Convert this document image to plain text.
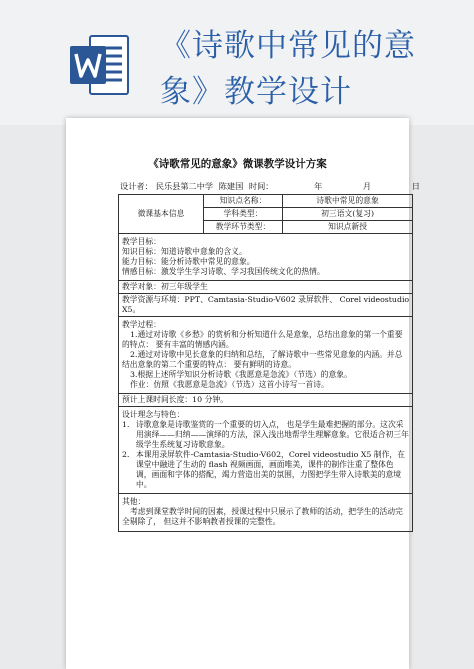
《诗歌中常见的意
象》教学设计
《诗歌常见的意象》微课教学设计方案
设计者： 民乐县第二中学 陈建国 时间：	年	月	日
微课基本信息	知识点名称：	诗歌中常见的意象
	学科类型：	初三语文(复习)
	教学环节类型：	知识点新授

教学目标：
知识目标：知道诗歌中意象的含义。
能力目标：能分析诗歌中常见的意象。
情感目标：激发学生学习诗歌、学习我国传统文化的热情。		

教学对象：初三年级学生		

教学资源与环境：PPT、Camtasia-Studio-V602 录屏软件、 Corel videostudio
X5。		

教学过程：
1.通过对诗歌《乡愁》的赏析和分析知道什么是意象，总结出意象的第一个重要的特点： 要有丰富的情感内涵。
2.通过对诗歌中见长意象的归纳和总结，了解诗歌中一些常见意象的内涵。并总结出意象的第二个重要的特点： 要有鲜明的诗意。
3.根据上述所学知识分析诗歌《我愿意是急流》（节选）的意象。
作业：仿照《我愿意是急流》（节选）这首小诗写一首诗。		

预计上课时间长度：10 分钟。		

设计理念与特色：
1． 诗歌意象是诗歌鉴赏的一个重要的切入点， 也是学生最难把握的部分。这次采用演绎——归纳——演绎的方法，深入浅出地帮学生理解意象。它很适合初三年级学生系统复习诗歌意象。
2． 本课用录屏软件-Camtasia-Studio-V602，Corel videostudio X5 制作，在课堂中融进了生动的 flash 视频画面，画面唯美，课件的制作注重了整体色调，画面和字体的搭配，竭力营造出美的氛围，力图把学生带入诗歌美的意境中。		

其他：
考虑到课堂教学时间的因素，授课过程中只展示了教师的活动，把学生的活动完全剔除了， 但这并不影响教者授课的完整性。		
